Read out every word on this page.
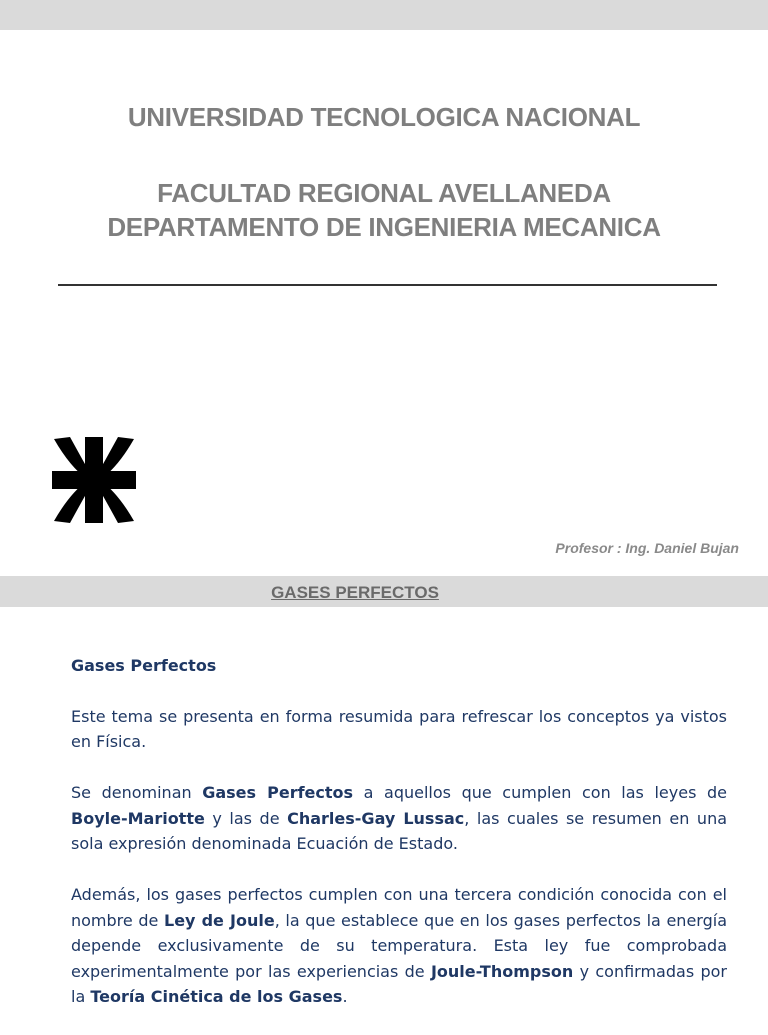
UNIVERSIDAD TECNOLOGICA NACIONAL
FACULTAD REGIONAL AVELLANEDA
DEPARTAMENTO DE INGENIERIA MECANICA
Profesor : Ing. Daniel Bujan
GASES PERFECTOS
Gases Perfectos

Este tema se presenta en forma resumida para refrescar los conceptos ya vistos en Física.

Se denominan Gases Perfectos a aquellos que cumplen con las leyes de Boyle-Mariotte y las de Charles-Gay Lussac, las cuales se resumen en una sola expresión denominada Ecuación de Estado.

Además, los gases perfectos cumplen con una tercera condición conocida con el nombre de Ley de Joule, la que establece que en los gases perfectos la energía depende exclusivamente de su temperatura. Esta ley fue comprobada experimentalmente por las experiencias de Joule-Thompson y confirmadas por la Teoría Cinética de los Gases.
